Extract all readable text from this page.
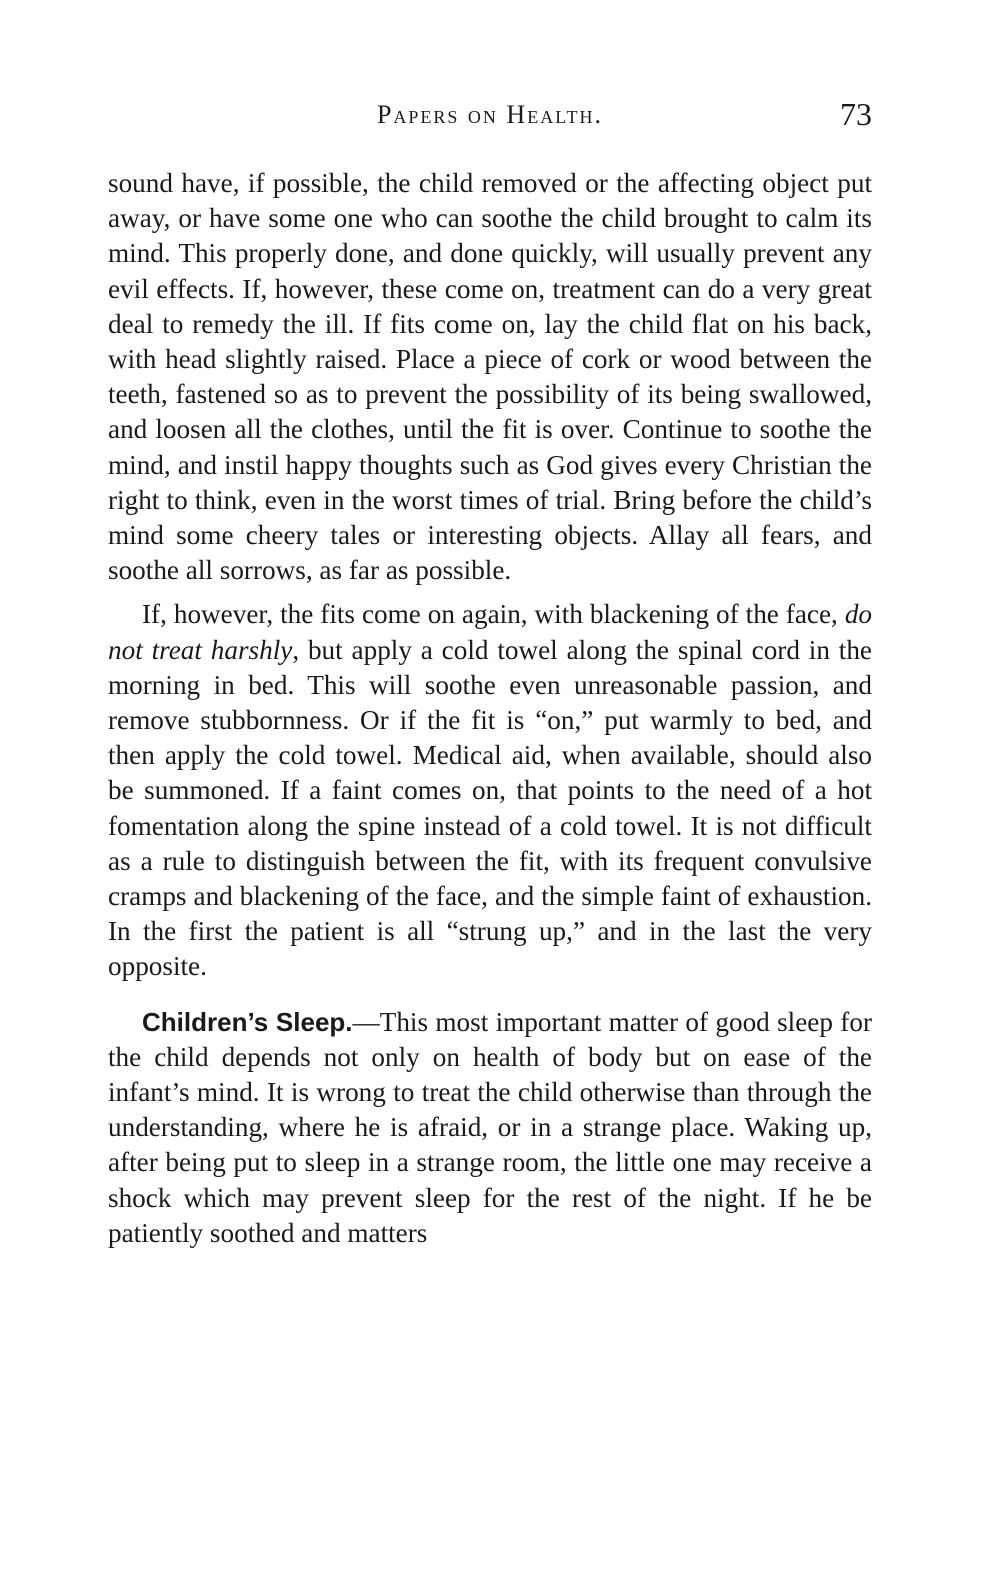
Papers on Health.	73

sound have, if possible, the child removed or the affecting object put away, or have some one who can soothe the child brought to calm its mind. This properly done, and done quickly, will usually prevent any evil effects. If, however, these come on, treatment can do a very great deal to remedy the ill. If fits come on, lay the child flat on his back, with head slightly raised. Place a piece of cork or wood between the teeth, fastened so as to prevent the possibility of its being swallowed, and loosen all the clothes, until the fit is over. Continue to soothe the mind, and instil happy thoughts such as God gives every Christian the right to think, even in the worst times of trial. Bring before the child’s mind some cheery tales or interesting objects. Allay all fears, and soothe all sorrows, as far as possible.

If, however, the fits come on again, with blackening of the face, do not treat harshly, but apply a cold towel along the spinal cord in the morning in bed. This will soothe even unreasonable passion, and remove stubbornness. Or if the fit is “on,” put warmly to bed, and then apply the cold towel. Medical aid, when available, should also be summoned. If a faint comes on, that points to the need of a hot fomentation along the spine instead of a cold towel. It is not difficult as a rule to distinguish between the fit, with its frequent convulsive cramps and blackening of the face, and the simple faint of exhaustion. In the first the patient is all “strung up,” and in the last the very opposite.

Children’s Sleep.—This most important matter of good sleep for the child depends not only on health of body but on ease of the infant’s mind. It is wrong to treat the child otherwise than through the understanding, where he is afraid, or in a strange place. Waking up, after being put to sleep in a strange room, the little one may receive a shock which may prevent sleep for the rest of the night. If he be patiently soothed and matters
